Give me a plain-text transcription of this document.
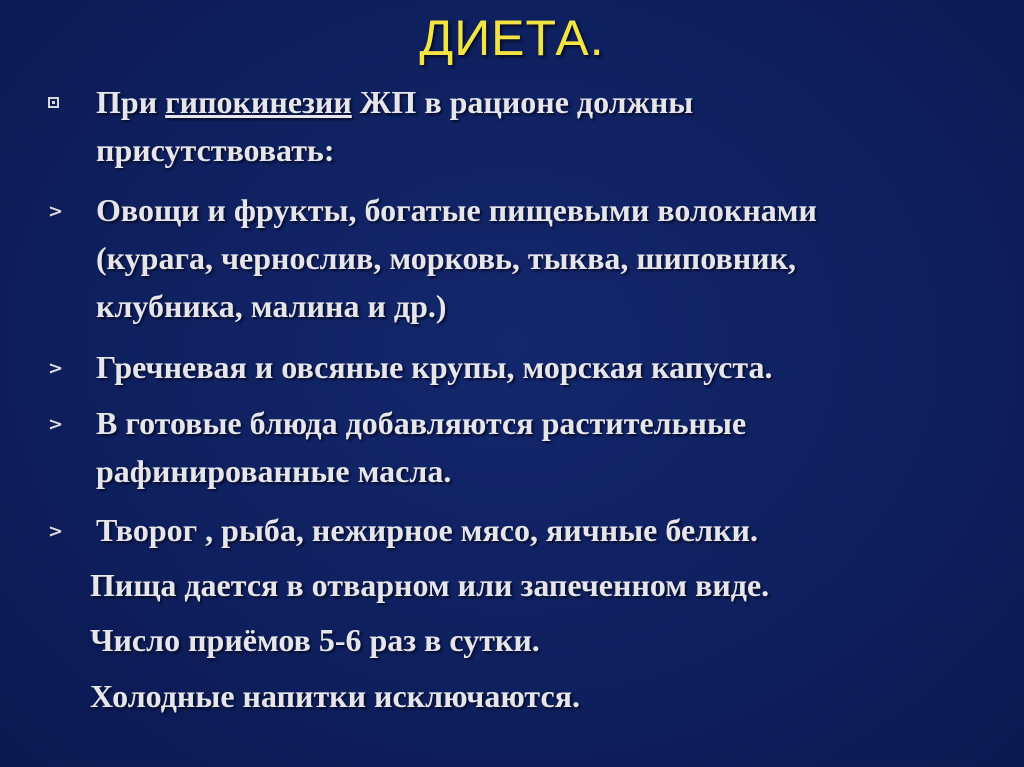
ДИЕТА.
При гипокинезии ЖП в рационе должны
присутствовать:
> Овощи и фрукты, богатые пищевыми волокнами
(курага, чернослив, морковь, тыква, шиповник,
клубника, малина и др.)
> Гречневая и овсяные крупы, морская капуста.
> В готовые блюда добавляются растительные
рафинированные масла.
> Творог , рыба, нежирное мясо, яичные белки.
Пища дается в отварном или запеченном виде.
Число приёмов 5-6 раз в сутки.
Холодные напитки исключаются.
